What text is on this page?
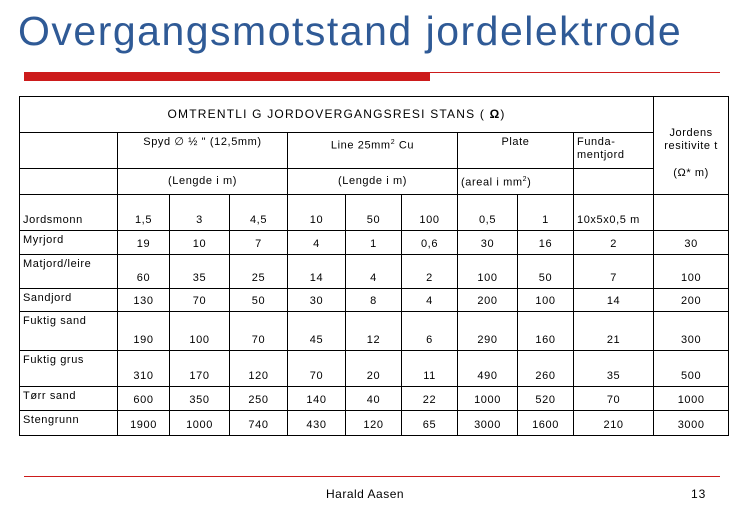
Overgangsmotstand jordelektrode
OMTRENTLI G JORDOVERGANGSRESI STANS ( Ω)										Jordens resitivite t
(Ω* m)

	Spyd ∅ ½ " (12,5mm)			Line $25mm^2$ Cu			Plate		Funda- mentjord	
	(Lengde i m)			(Lengde i m)			(areal i $mm^2$)			
Jordsmonn	1,5	3	4,5	10	50	100	0,5	1	10x5x0,5 m	
Myrjord	19	10	7	4	1	0,6	30	16	2	30
Matjord/leire	60	35	25	14	4	2	100	50	7	100
Sandjord	130	70	50	30	8	4	200	100	14	200
Fuktig sand	190	100	70	45	12	6	290	160	21	300
Fuktig grus	310	170	120	70	20	11	490	260	35	500
Tørr sand	600	350	250	140	40	22	1000	520	70	1000
Stengrunn	1900	1000	740	430	120	65	3000	1600	210	3000
Harald Aasen	13
